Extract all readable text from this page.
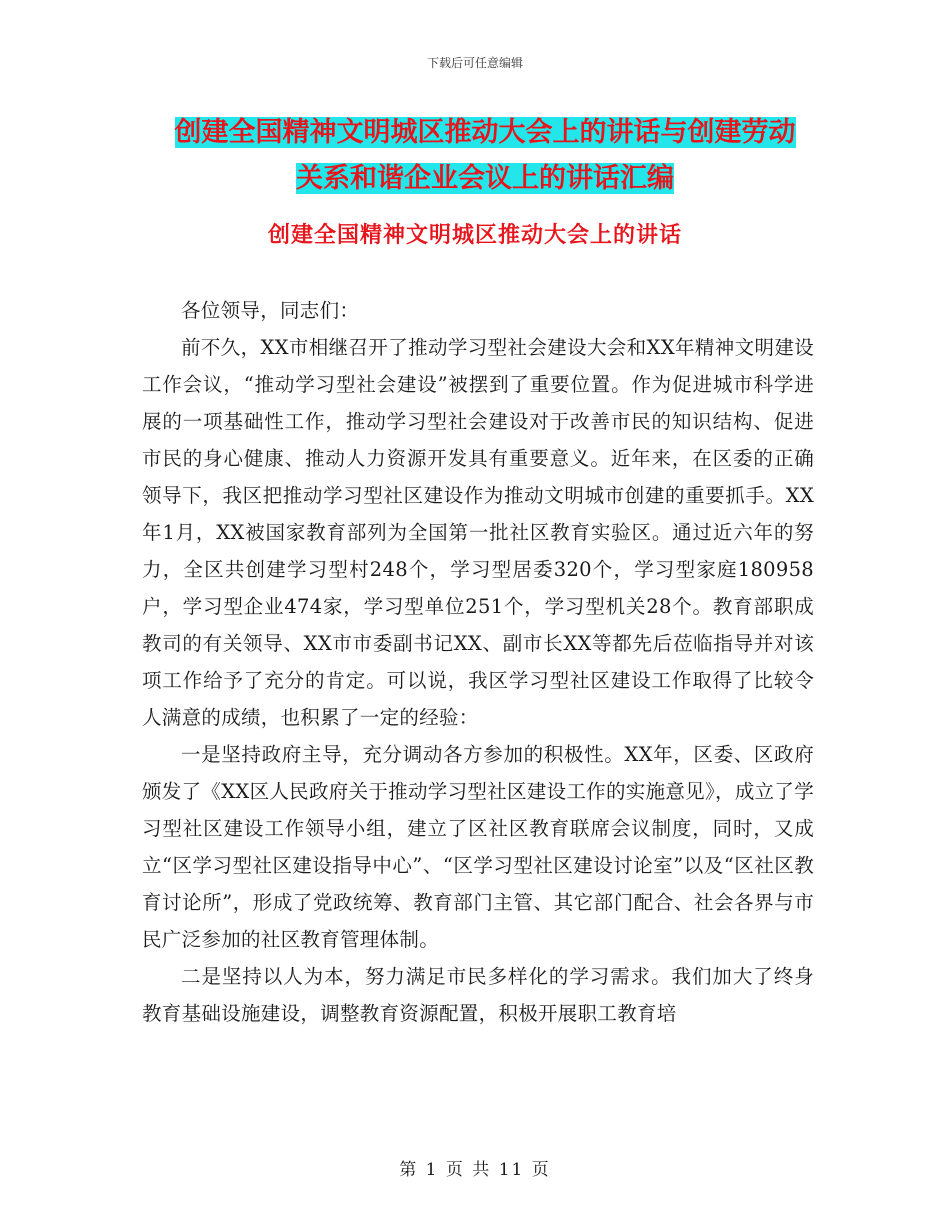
下载后可任意编辑
创建全国精神文明城区推动大会上的讲话与创建劳动
关系和谐企业会议上的讲话汇编
创建全国精神文明城区推动大会上的讲话

各位领导，同志们：

前不久，XX市相继召开了推动学习型社会建设大会和XX年精神文明建设工作会议，“推动学习型社会建设”被摆到了重要位置。作为促进城市科学进展的一项基础性工作，推动学习型社会建设对于改善市民的知识结构、促进市民的身心健康、推动人力资源开发具有重要意义。近年来，在区委的正确领导下，我区把推动学习型社区建设作为推动文明城市创建的重要抓手。XX年1月，XX被国家教育部列为全国第一批社区教育实验区。通过近六年的努力，全区共创建学习型村248个，学习型居委320个，学习型家庭180958户，学习型企业474家，学习型单位251个，学习型机关28个。教育部职成教司的有关领导、XX市市委副书记XX、副市长XX等都先后莅临指导并对该项工作给予了充分的肯定。可以说，我区学习型社区建设工作取得了比较令人满意的成绩，也积累了一定的经验：

一是坚持政府主导，充分调动各方参加的积极性。XX年，区委、区政府颁发了《XX区人民政府关于推动学习型社区建设工作的实施意见》，成立了学习型社区建设工作领导小组，建立了区社区教育联席会议制度，同时，又成立“区学习型社区建设指导中心”、“区学习型社区建设讨论室”以及“区社区教育讨论所”，形成了党政统筹、教育部门主管、其它部门配合、社会各界与市民广泛参加的社区教育管理体制。

二是坚持以人为本，努力满足市民多样化的学习需求。我们加大了终身教育基础设施建设，调整教育资源配置，积极开展职工教育培

第 1 页 共 11 页
